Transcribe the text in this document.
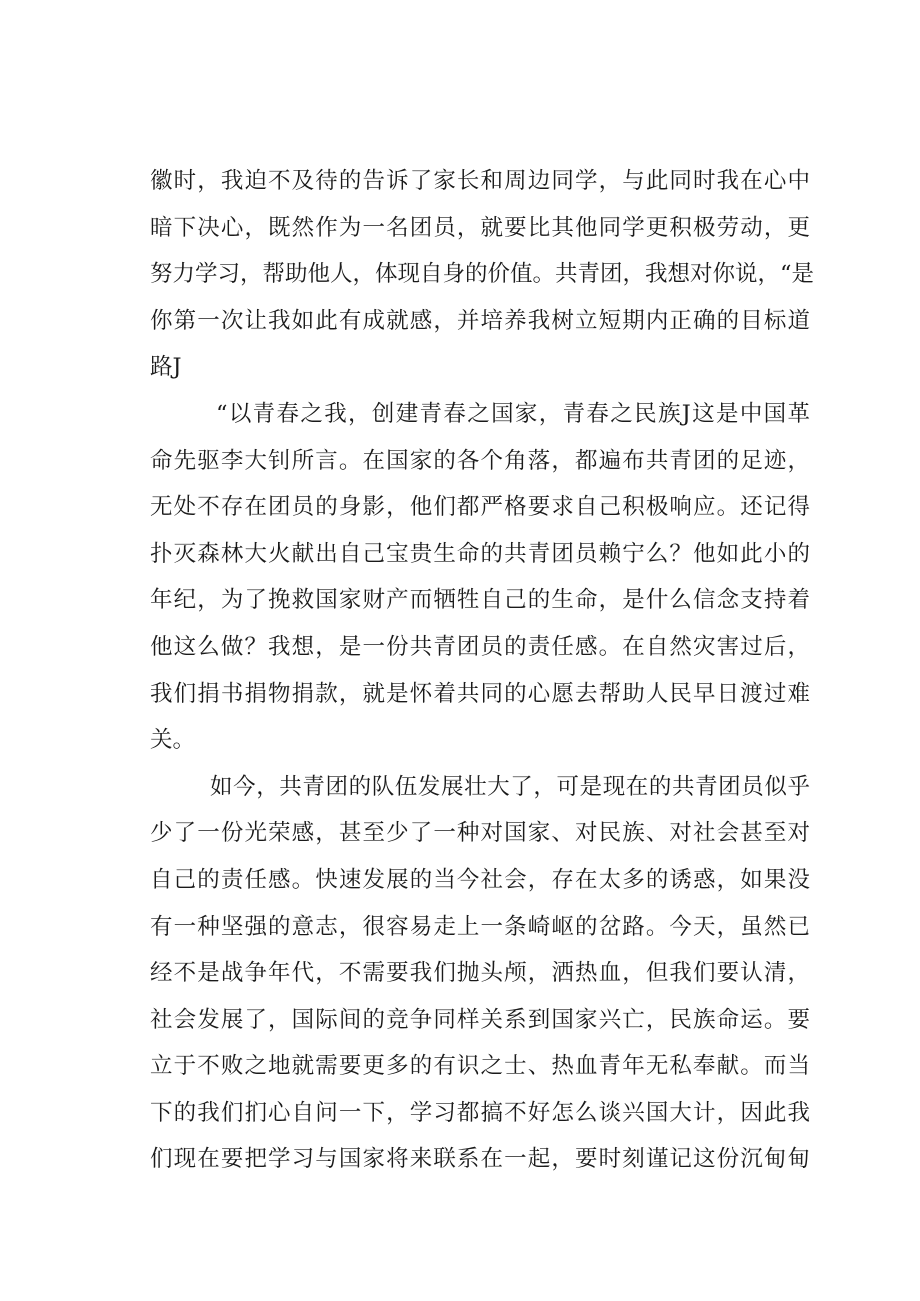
徽时，我迫不及待的告诉了家长和周边同学，与此同时我在心中
暗下决心，既然作为一名团员，就要比其他同学更积极劳动，更
努力学习，帮助他人，体现自身的价值。共青团，我想对你说，“是
你第一次让我如此有成就感，并培养我树立短期内正确的目标道
路J
“以青春之我，创建青春之国家，青春之民族J这是中国革
命先驱李大钊所言。在国家的各个角落，都遍布共青团的足迹，
无处不存在团员的身影，他们都严格要求自己积极响应。还记得
扑灭森林大火献出自己宝贵生命的共青团员赖宁么？他如此小的
年纪，为了挽救国家财产而牺牲自己的生命，是什么信念支持着
他这么做？我想，是一份共青团员的责任感。在自然灾害过后，
我们捐书捐物捐款，就是怀着共同的心愿去帮助人民早日渡过难
关。
如今，共青团的队伍发展壮大了，可是现在的共青团员似乎
少了一份光荣感，甚至少了一种对国家、对民族、对社会甚至对
自己的责任感。快速发展的当今社会，存在太多的诱惑，如果没
有一种坚强的意志，很容易走上一条崎岖的岔路。今天，虽然已
经不是战争年代，不需要我们抛头颅，洒热血，但我们要认清，
社会发展了，国际间的竞争同样关系到国家兴亡，民族命运。要
立于不败之地就需要更多的有识之士、热血青年无私奉献。而当
下的我们扪心自问一下，学习都搞不好怎么谈兴国大计，因此我
们现在要把学习与国家将来联系在一起，要时刻谨记这份沉甸甸
